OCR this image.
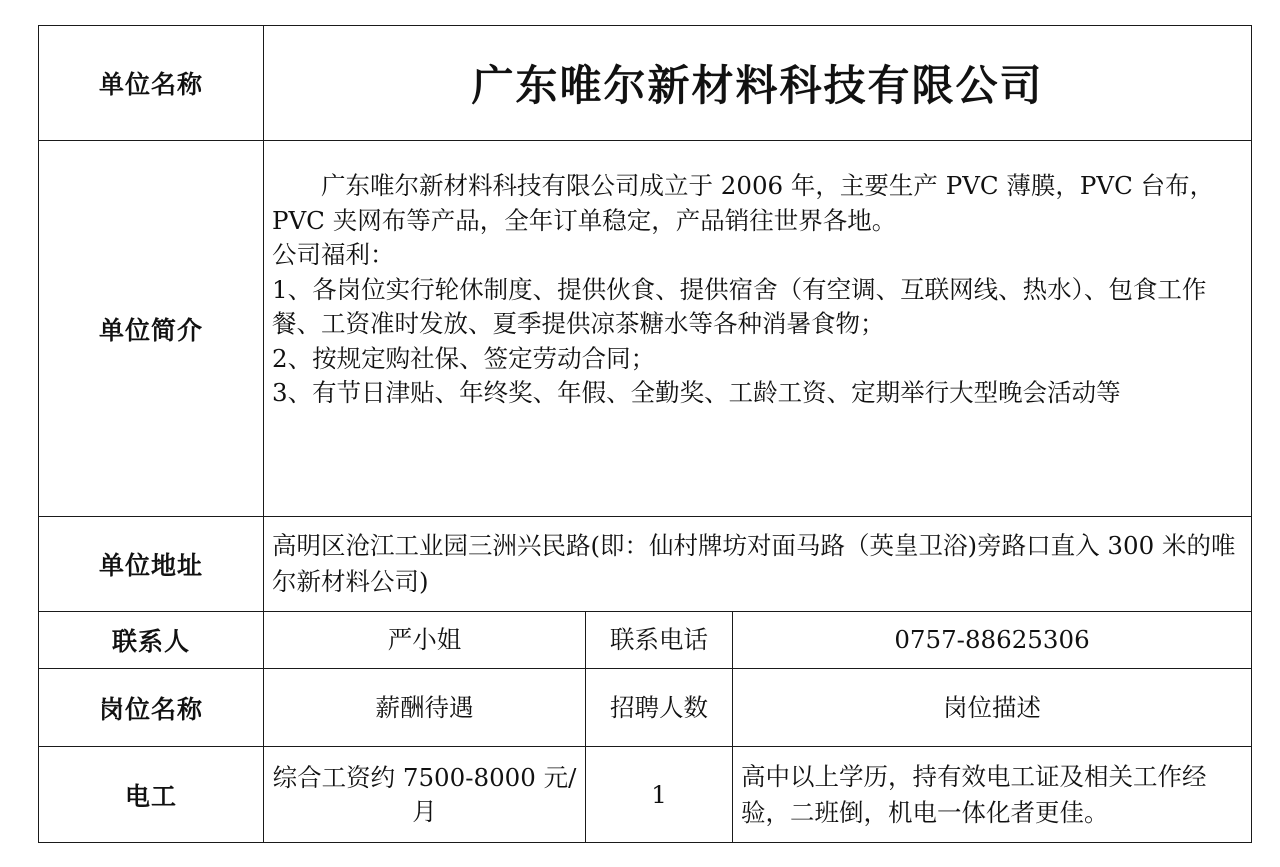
单位名称	广东唯尔新材料科技有限公司		
单位简介	广东唯尔新材料科技有限公司成立于 2006 年，主要生产 PVC 薄膜，PVC 台布，PVC 夹网布等产品，全年订单稳定，产品销往世界各地。

公司福利：

1、各岗位实行轮休制度、提供伙食、提供宿舍（有空调、互联网线、热水）、包食工作餐、工资准时发放、夏季提供凉茶糖水等各种消暑食物；

2、按规定购社保、签定劳动合同；

3、有节日津贴、年终奖、年假、全勤奖、工龄工资、定期举行大型晚会活动等		

单位地址	高明区沧江工业园三洲兴民路(即：仙村牌坊对面马路（英皇卫浴)旁路口直入 300 米的唯尔新材料公司)		
联系人	严小姐	联系电话	0757-88625306
岗位名称	薪酬待遇	招聘人数	岗位描述
电工	综合工资约 7500-8000 元/月	1	高中以上学历，持有效电工证及相关工作经验，二班倒，机电一体化者更佳。
